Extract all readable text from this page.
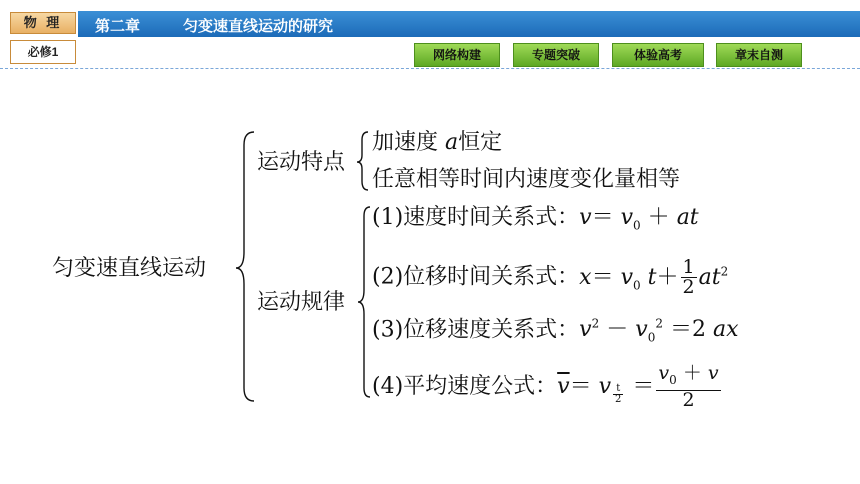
物 理	第二章	匀变速直线运动的研究
必修1	网络构建	专题突破	体验高考	章末自测
匀变速直线运动
运动特点
加速度 a恒定
任意相等时间内速度变化量相等
运动规律
(1)速度时间关系式：$v= v_0$ ＋ at
(2)位移时间关系式：$x= v_0$ $t+ \frac{1}{2} at^2$
(3)位移速度关系式：$v^2 - v_0^2 =2$ ax
(4)平均速度公式：$\overline{v}= v$ $_{\frac{t}{2}} = \frac{v_0 + v}{2}$
